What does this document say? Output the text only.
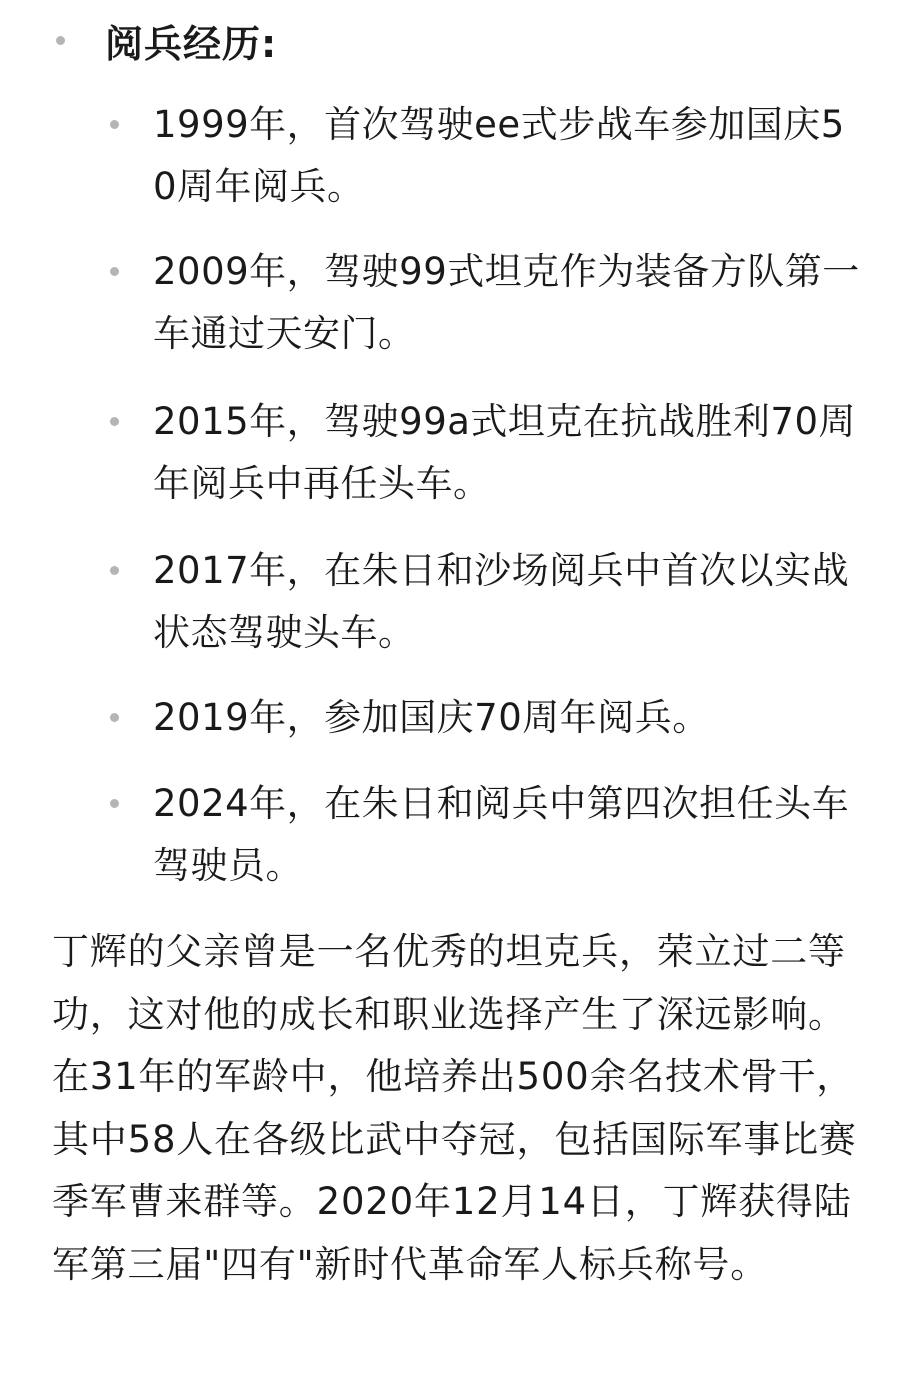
阅兵经历:
1999年，首次驾驶ee式步战车参加国庆50周年阅兵。
2009年，驾驶99式坦克作为装备方队第一车通过天安门。
2015年，驾驶99a式坦克在抗战胜利70周年阅兵中再任头车。
2017年，在朱日和沙场阅兵中首次以实战状态驾驶头车。
2019年，参加国庆70周年阅兵。
2024年，在朱日和阅兵中第四次担任头车驾驶员。
丁辉的父亲曾是一名优秀的坦克兵，荣立过二等功，这对他的成长和职业选择产生了深远影响。在31年的军龄中，他培养出500余名技术骨干，其中58人在各级比武中夺冠，包括国际军事比赛季军曹来群等。2020年12月14日，丁辉获得陆军第三届"四有"新时代革命军人标兵称号。
